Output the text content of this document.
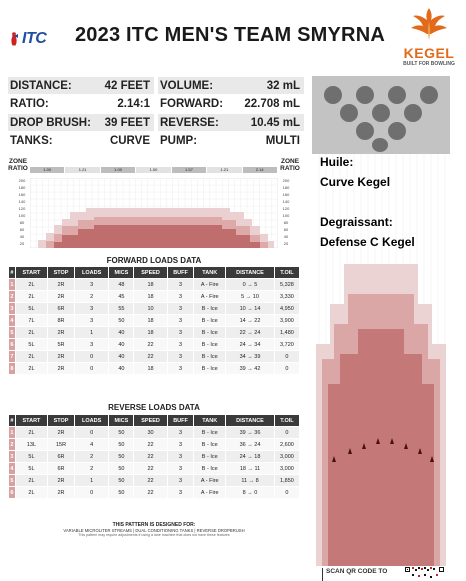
ITC 2023 ITC MEN'S TEAM SMYRNA
KEGEL
BUILT FOR BOWLING
DISTANCE:	42 FEET
RATIO:	2.14:1
DROP BRUSH: 39 FEET
TANKS:	CURVE
VOLUME:	32 mL
FORWARD: 22.708 mL
REVERSE:	10.45 mL
PUMP:	MULTI
ZONE
RATIO
ZONE
RATIO
1.00	1.21	1.00	1.00	1.57	1.21	2.14
200
180
160
140
120
100
80
60
40
20
200
180
160
140
120
100
80
60
40
20
FORWARD LOADS DATA
#	START	STOP	LOADS	MICS	SPEED	BUFF	TANK	DISTANCE	T.OIL
1	2L	2R	3	48	18	3	A - Fire	0 → 5	5,328
2	2L	2R	2	45	18	3	A - Fire	5 → 10	3,330
3	5L	6R	3	55	10	3	B - Ice	10 → 14	4,950
4	7L	8R	3	50	18	3	B - Ice	14 → 22	3,900
5	2L	2R	1	40	18	3	B - Ice	22 → 24	1,480
6	5L	5R	3	40	22	3	B - Ice	24 → 34	3,720
7	2L	2R	0	40	22	3	B - Ice	34 → 39	0
8	2L	2R	0	40	18	3	B - Ice	39 → 42	0
REVERSE LOADS DATA
#	START	STOP	LOADS	MICS	SPEED	BUFF	TANK	DISTANCE	T.OIL
1	2L	2R	0	50	30	3	B - Ice	39 → 36	0
2	13L	15R	4	50	22	3	B - Ice	36 → 24	2,600
3	5L	6R	2	50	22	3	B - Ice	24 → 18	3,000
4	5L	6R	2	50	22	3	B - Ice	18 → 11	3,000
5	2L	2R	1	50	22	3	A - Fire	11 → 8	1,850
6	2L	2R	0	50	22	3	A - Fire	8 → 0	0
THIS PATTERN IS DESIGNED FOR:
VARIABLE MICROLITER STREAMS | DUAL CONDITIONING TANKS | REVERSE DROPBRUSH
This pattern may require adjustments if using a lane machine that does not have these features
Huile:
Curve Kegel
Degraissant:
Defense C Kegel
SCAN QR CODE TO
